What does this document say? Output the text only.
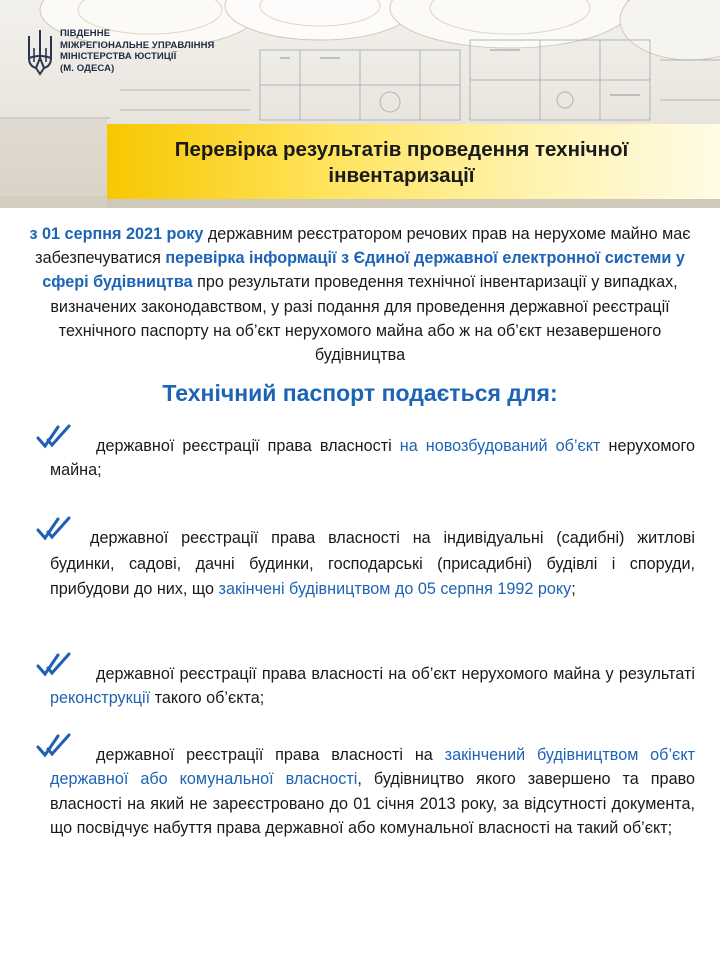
ПІВДЕННЕ
МІЖРЕГІОНАЛЬНЕ УПРАВЛІННЯ
МІНІСТЕРСТВА ЮСТИЦІЇ
(М. ОДЕСА)
Перевірка результатів проведення технічної інвентаризації
з 01 серпня 2021 року державним реєстратором речових прав на нерухоме майно має забезпечуватися перевірка інформації з Єдиної державної електронної системи у сфері будівництва про результати проведення технічної інвентаризації у випадках, визначених законодавством, у разі подання для проведення державної реєстрації технічного паспорту на об’єкт нерухомого майна або ж на об’єкт незавершеного будівництва
Технічний паспорт подається для:

державної реєстрації права власності на новозбудований об’єкт нерухомого майна;

державної реєстрації права власності на індивідуальні (садибні) житлові будинки, садові, дачні будинки, господарські (присадибні) будівлі і споруди, прибудови до них, що закінчені будівництвом до 05 серпня 1992 року;

державної реєстрації права власності на об’єкт нерухомого майна у результаті реконструкції такого об’єкта;

державної реєстрації права власності на закінчений будівництвом об’єкт державної або комунальної власності, будівництво якого завершено та право власності на який не зареєстровано до 01 січня 2013 року, за відсутності документа, що посвідчує набуття права державної або комунальної власності на такий об’єкт;
